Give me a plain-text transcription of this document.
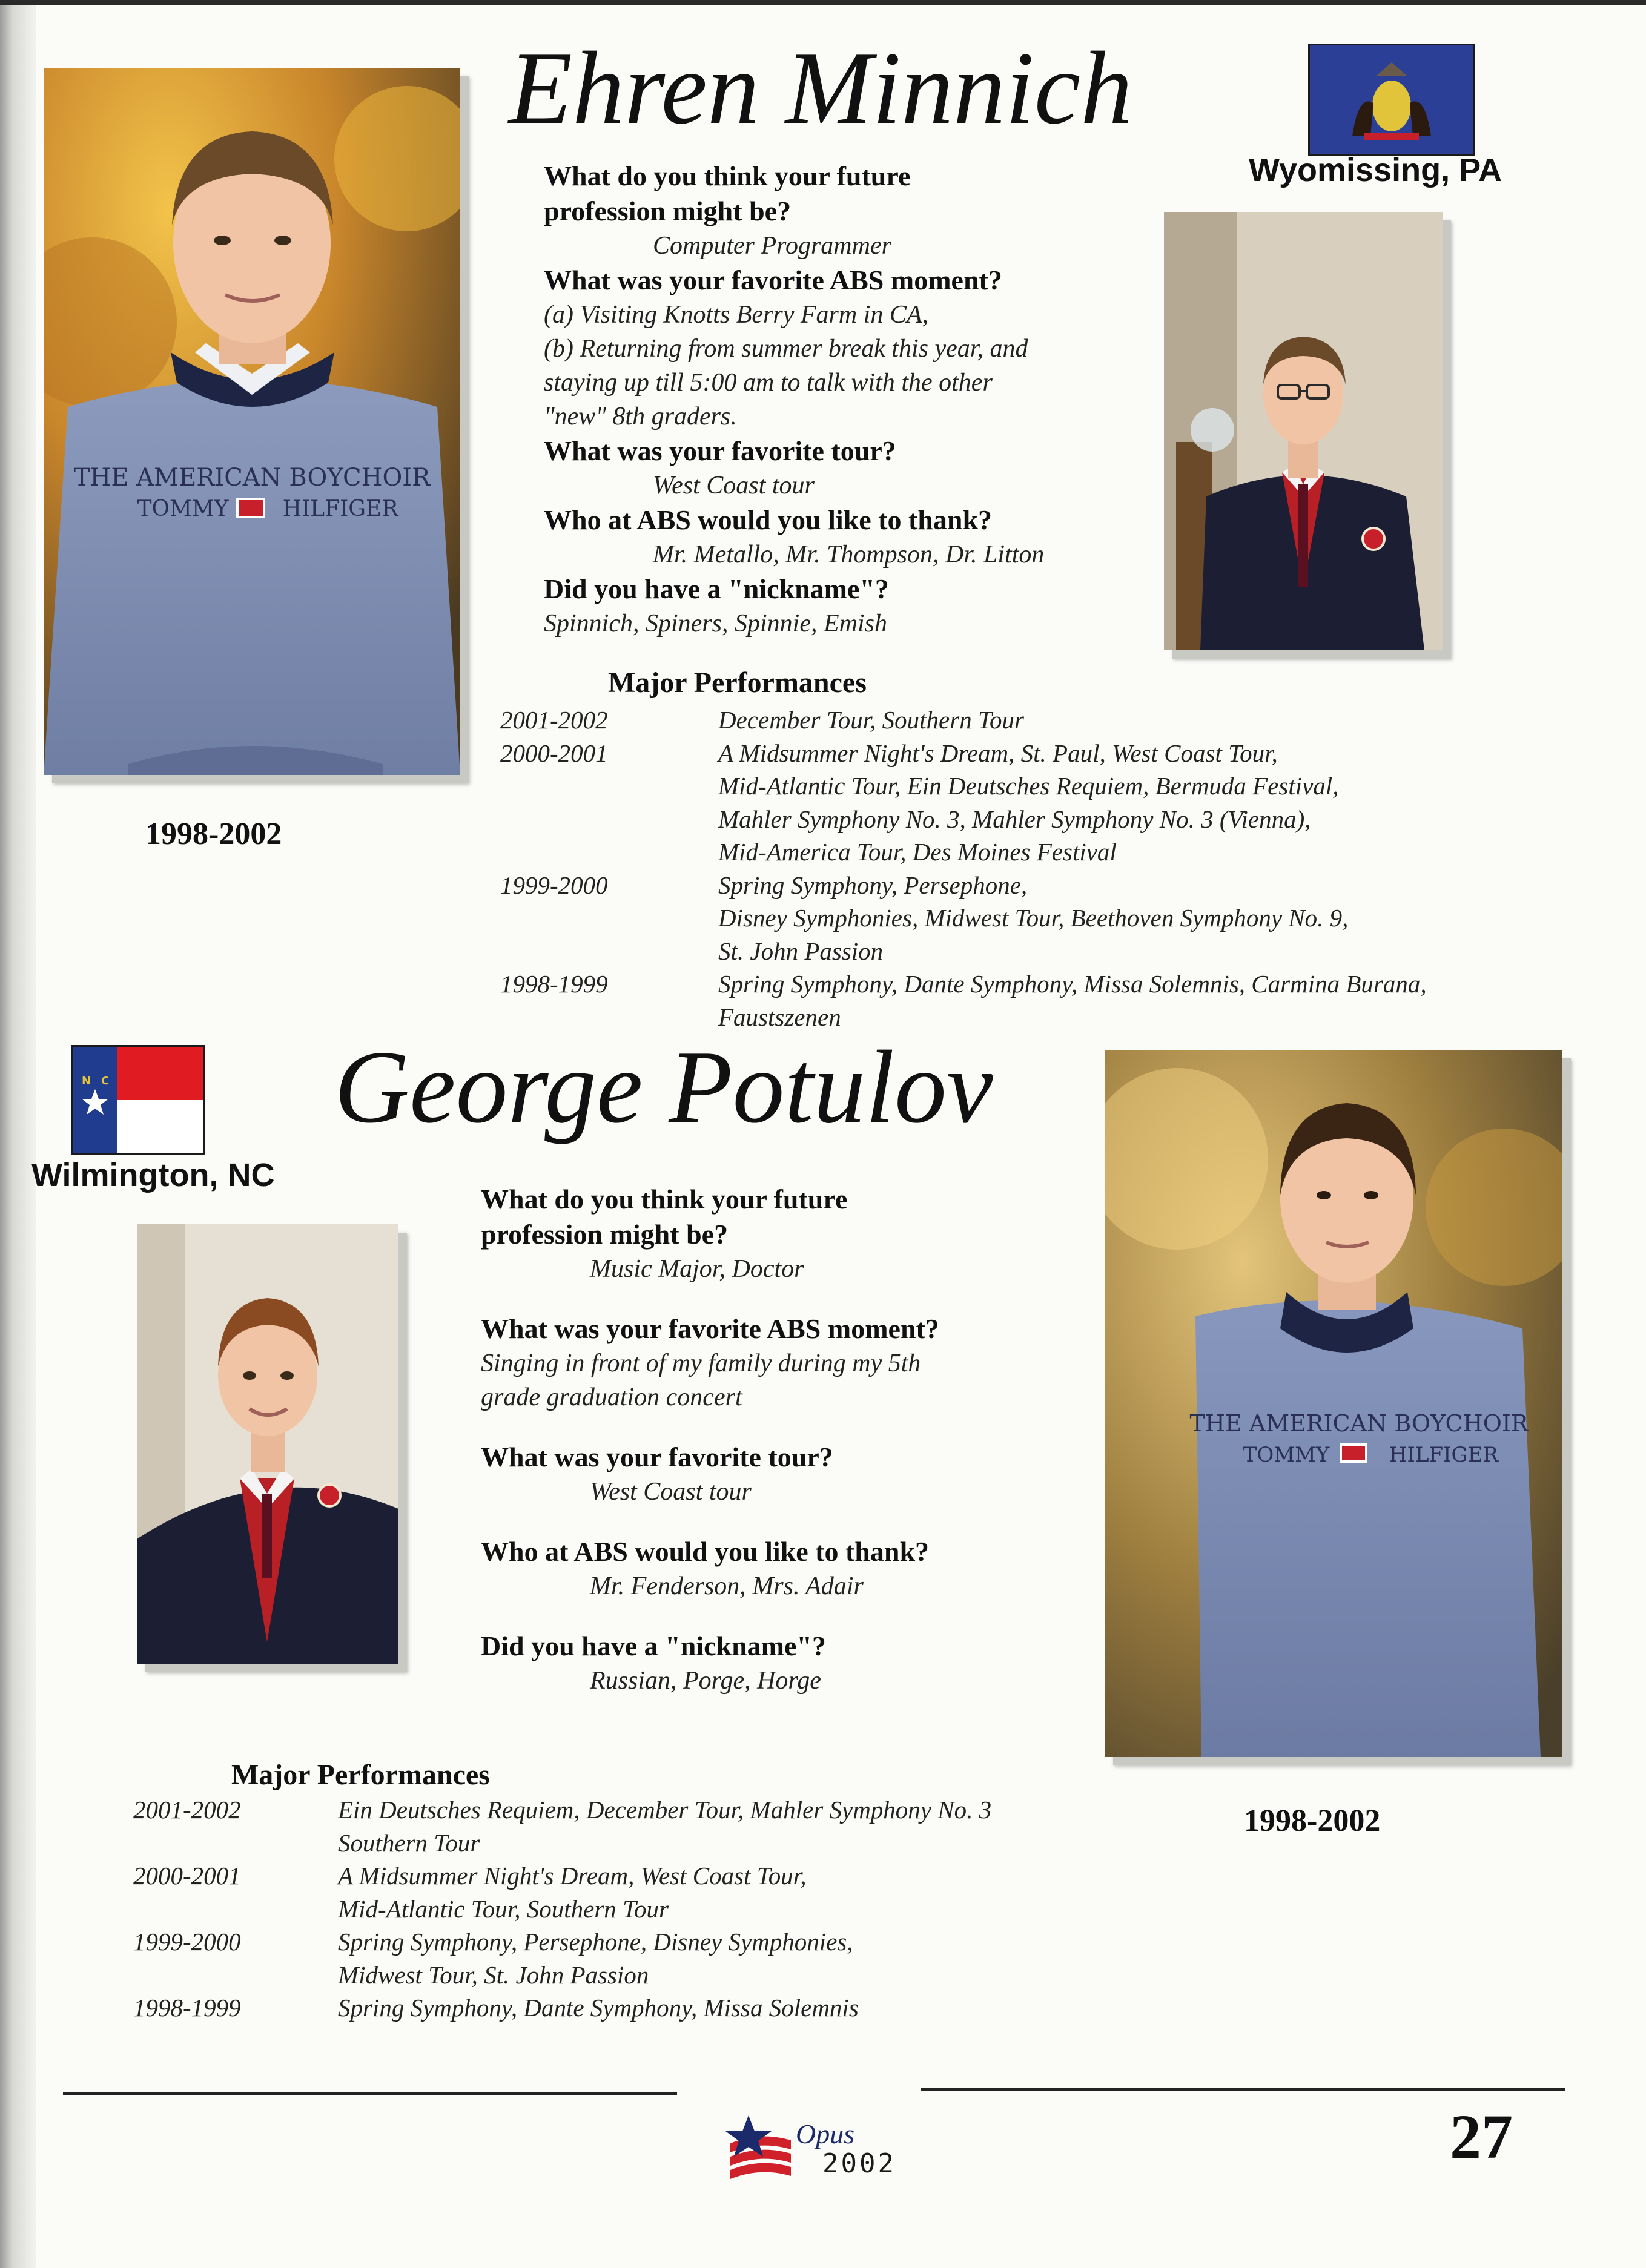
THE AMERICAN BOYCHOIR
TOMMY HILFIGER
1998-2002
Ehren Minnich
Wyomissing, PA
What do you think your future profession might be?
Computer Programmer
What was your favorite ABS moment?
(a) Visiting Knotts Berry Farm in CA,
(b) Returning from summer break this year, and
staying up till 5:00 am to talk with the other
"new" 8th graders.
What was your favorite tour?
West Coast tour
Who at ABS would you like to thank?
Mr. Metallo, Mr. Thompson, Dr. Litton
Did you have a "nickname"?
Spinnich, Spiners, Spinnie, Emish
Major Performances
2001-2002	December Tour, Southern Tour
2000-2001	A Midsummer Night's Dream, St. Paul, West Coast Tour,
Mid-Atlantic Tour, Ein Deutsches Requiem, Bermuda Festival,
Mahler Symphony No. 3, Mahler Symphony No. 3 (Vienna),
Mid-America Tour, Des Moines Festival
1999-2000	Spring Symphony, Persephone,
Disney Symphonies, Midwest Tour, Beethoven Symphony No. 9,
St. John Passion
1998-1999	Spring Symphony, Dante Symphony, Missa Solemnis, Carmina Burana,
Faustszenen
N C
Wilmington, NC
George Potulov
THE AMERICAN BOYCHOIR
TOMMY	HILFIGER
1998-2002
What do you think your future profession might be?
Music Major, Doctor
What was your favorite ABS moment?
Singing in front of my family during my 5th
grade graduation concert
What was your favorite tour?
West Coast tour
Who at ABS would you like to thank?
Mr. Fenderson, Mrs. Adair
Did you have a "nickname"?
Russian, Porge, Horge
Major Performances
2001-2002	Ein Deutsches Requiem, December Tour, Mahler Symphony No. 3
Southern Tour
2000-2001	A Midsummer Night's Dream, West Coast Tour,
Mid-Atlantic Tour, Southern Tour
1999-2000	Spring Symphony, Persephone, Disney Symphonies,
Midwest Tour, St. John Passion
1998-1999	Spring Symphony, Dante Symphony, Missa Solemnis
Opus
2002	27
